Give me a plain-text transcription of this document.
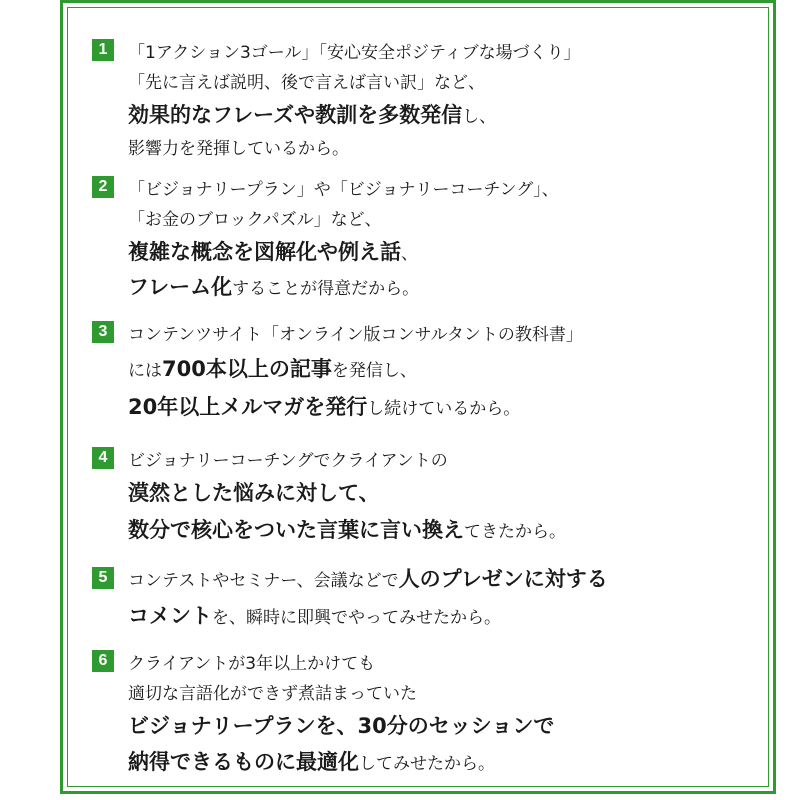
1	「1アクション3ゴール」「安心安全ポジティブな場づくり」
「先に言えば説明、後で言えば言い訳」など、
効果的なフレーズや教訓を多数発信し、
影響力を発揮しているから。
2	「ビジョナリープラン」や「ビジョナリーコーチング」、
「お金のブロックパズル」など、
複雑な概念を図解化や例え話、
フレーム化することが得意だから。
3	コンテンツサイト「オンライン版コンサルタントの教科書」
には700本以上の記事を発信し、
20年以上メルマガを発行し続けているから。
4	ビジョナリーコーチングでクライアントの
漠然とした悩みに対して、
数分で核心をついた言葉に言い換えてきたから。
5	コンテストやセミナー、会議などで人のプレゼンに対する
コメントを、瞬時に即興でやってみせたから。
6	クライアントが3年以上かけても
適切な言語化ができず煮詰まっていた
ビジョナリープランを、30分のセッションで
納得できるものに最適化してみせたから。
